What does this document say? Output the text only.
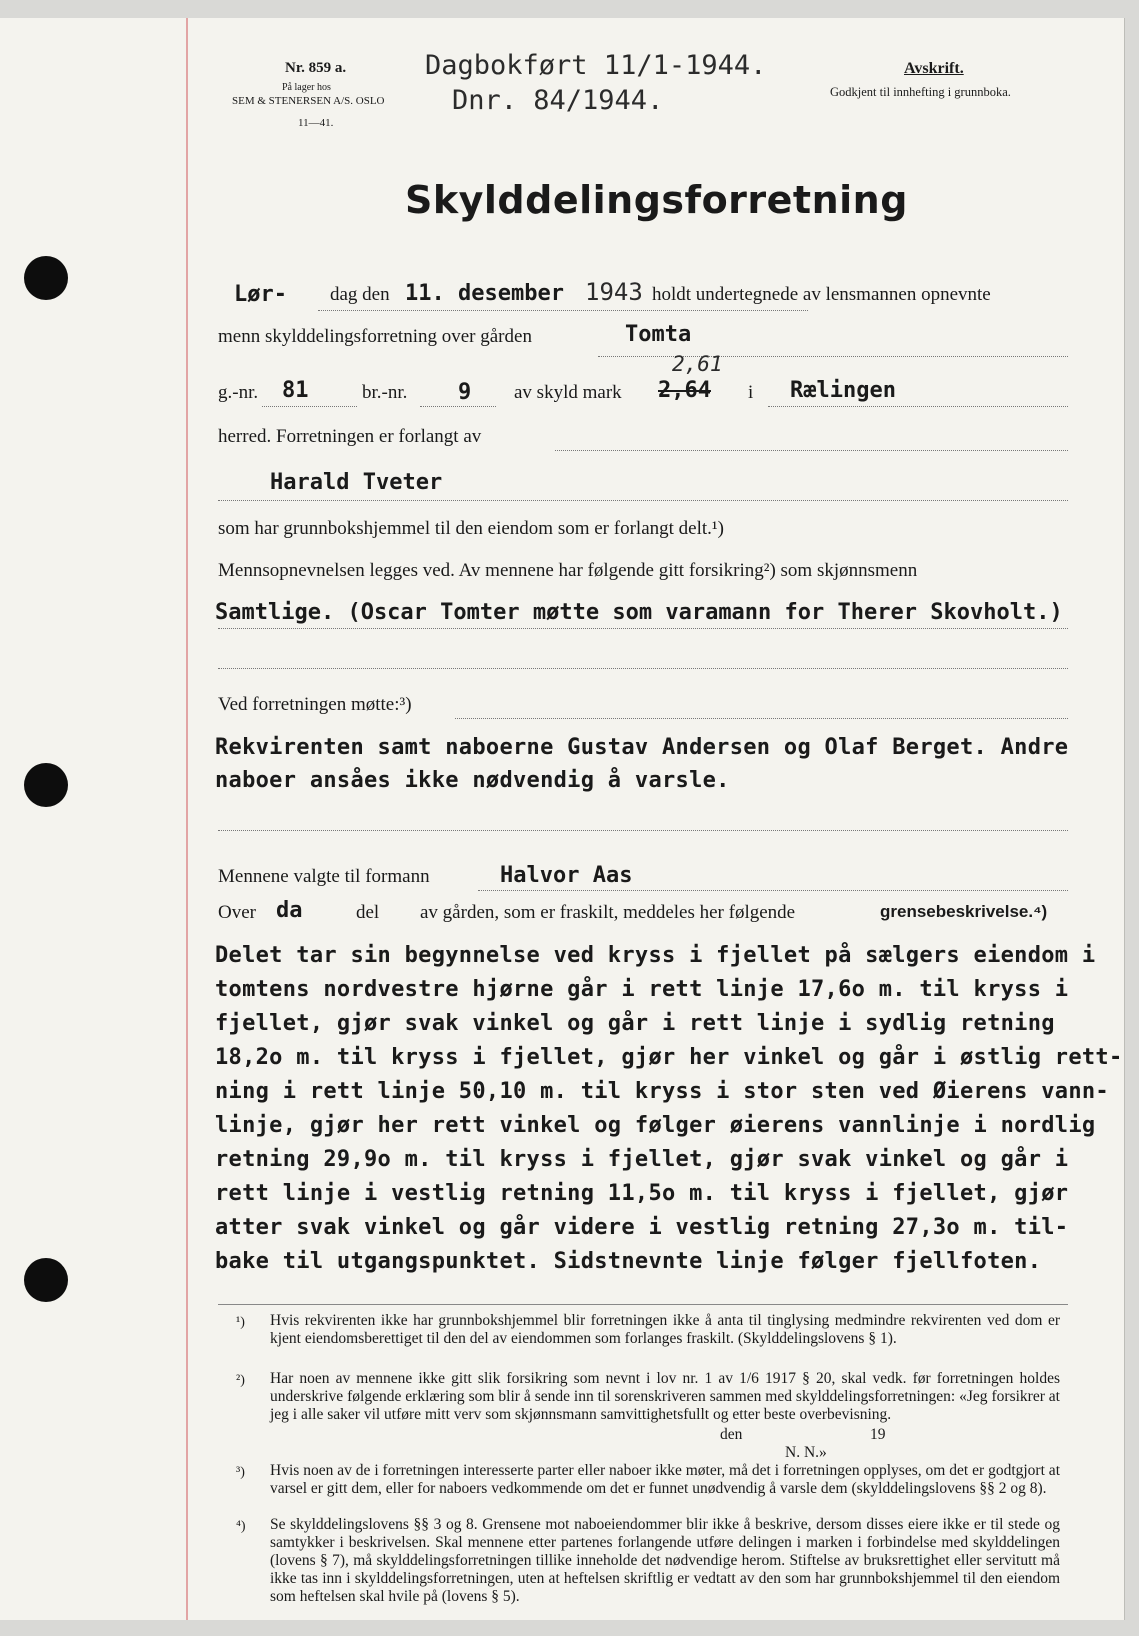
Nr. 859 a.
På lager hos
SEM & STENERSEN A/S. OSLO
11—41.
Dagbokført 11/1-1944.
Dnr. 84/1944.
Avskrift.
Godkjent til innhefting i grunnboka.
Skylddelingsforretning
Lør- dag den 11. desember 1943 holdt undertegnede av lensmannen opnevnte
menn skylddelingsforretning over gården	Tomta
g.-nr. 81	br.-nr. 9 av skyld mark 2,64
2,61
i Rælingen
herred. Forretningen er forlangt av
Harald Tveter
som har grunnbokshjemmel til den eiendom som er forlangt delt.¹)
Mennsopnevnelsen legges ved. Av mennene har følgende gitt forsikring²) som skjønnsmenn
Samtlige. (Oscar Tomter møtte som varamann for Therer Skovholt.)
Ved forretningen møtte:³)
Rekvirenten samt naboerne Gustav Andersen og Olaf Berget. Andre
naboer ansåes ikke nødvendig å varsle.
Mennene valgte til formann	Halvor Aas
Over da	del av gården, som er fraskilt, meddeles her følgende	grensebeskrivelse.⁴)
Delet tar sin begynnelse ved kryss i fjellet på sælgers eiendom i
tomtens nordvestre hjørne går i rett linje 17,6o m. til kryss i
fjellet, gjør svak vinkel og går i rett linje i sydlig retning
18,2o m. til kryss i fjellet, gjør her vinkel og går i østlig rett-
ning i rett linje 50,10 m. til kryss i stor sten ved Øierens vann-
linje, gjør her rett vinkel og følger øierens vannlinje i nordlig
retning 29,9o m. til kryss i fjellet, gjør svak vinkel og går i
rett linje i vestlig retning 11,5o m. til kryss i fjellet, gjør
atter svak vinkel og går videre i vestlig retning 27,3o m. til-
bake til utgangspunktet. Sidstnevnte linje følger fjellfoten.
¹) Hvis rekvirenten ikke har grunnbokshjemmel blir forretningen ikke å anta til tinglysing medmindre rekvirenten ved dom er kjent eiendomsberettiget til den del av eiendommen som forlanges fraskilt. (Skylddelingslovens § 1).
²) Har noen av mennene ikke gitt slik forsikring som nevnt i lov nr. 1 av 1/6 1917 § 20, skal vedk. før forretningen holdes underskrive følgende erklæring som blir å sende inn til sorenskriveren sammen med skylddelingsforretningen: «Jeg forsikrer at jeg i alle saker vil utføre mitt verv som skjønnsmann samvittighetsfullt og etter beste overbevisning.
den	19
N. N.»
³) Hvis noen av de i forretningen interesserte parter eller naboer ikke møter, må det i forretningen opplyses, om det er godtgjort at varsel er gitt dem, eller for naboers vedkommende om det er funnet unødvendig å varsle dem (skylddelingslovens §§ 2 og 8).
⁴) Se skylddelingslovens §§ 3 og 8. Grensene mot naboeiendommer blir ikke å beskrive, dersom disses eiere ikke er til stede og samtykker i beskrivelsen. Skal mennene etter partenes forlangende utføre delingen i marken i forbindelse med skylddelingen (lovens § 7), må skylddelingsforretningen tillike inneholde det nødvendige herom. Stiftelse av bruksrettighet eller servitutt må ikke tas inn i skylddelingsforretningen, uten at heftelsen skriftlig er vedtatt av den som har grunnbokshjemmel til den eiendom som heftelsen skal hvile på (lovens § 5).
